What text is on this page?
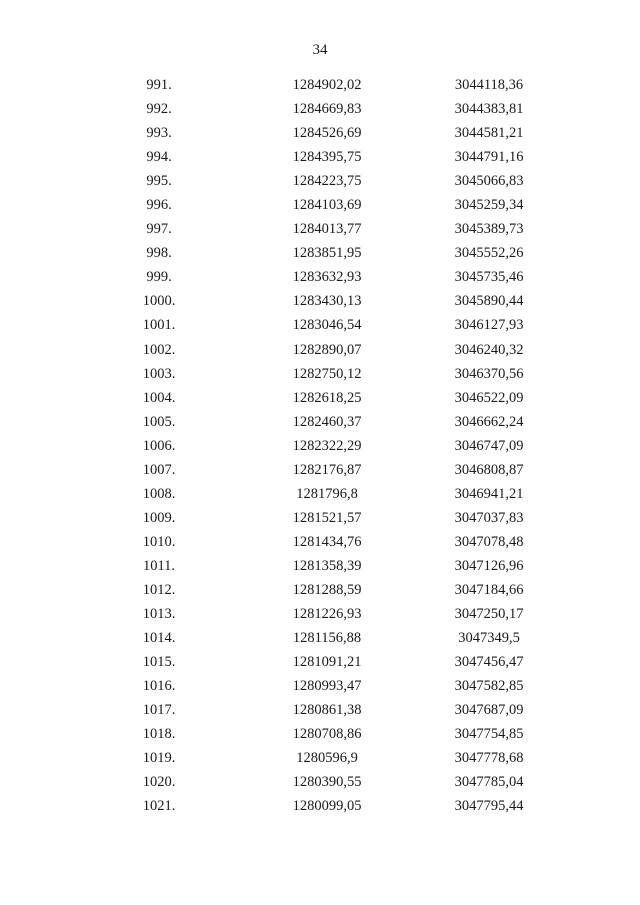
34
991.	1284902,02	3044118,36
992.	1284669,83	3044383,81
993.	1284526,69	3044581,21
994.	1284395,75	3044791,16
995.	1284223,75	3045066,83
996.	1284103,69	3045259,34
997.	1284013,77	3045389,73
998.	1283851,95	3045552,26
999.	1283632,93	3045735,46
1000.	1283430,13	3045890,44
1001.	1283046,54	3046127,93
1002.	1282890,07	3046240,32
1003.	1282750,12	3046370,56
1004.	1282618,25	3046522,09
1005.	1282460,37	3046662,24
1006.	1282322,29	3046747,09
1007.	1282176,87	3046808,87
1008.	1281796,8	3046941,21
1009.	1281521,57	3047037,83
1010.	1281434,76	3047078,48
1011.	1281358,39	3047126,96
1012.	1281288,59	3047184,66
1013.	1281226,93	3047250,17
1014.	1281156,88	3047349,5
1015.	1281091,21	3047456,47
1016.	1280993,47	3047582,85
1017.	1280861,38	3047687,09
1018.	1280708,86	3047754,85
1019.	1280596,9	3047778,68
1020.	1280390,55	3047785,04
1021.	1280099,05	3047795,44
